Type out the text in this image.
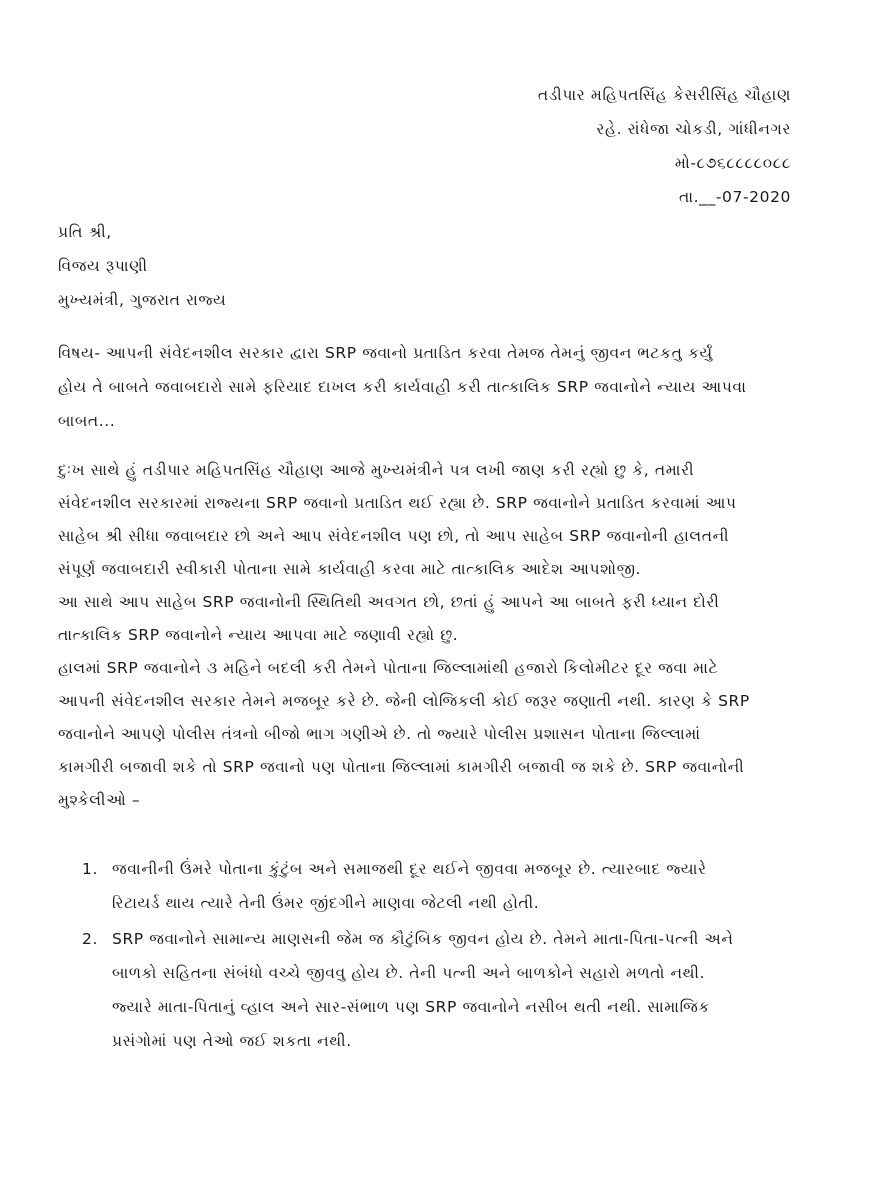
તડીપાર મહિપતસિંહ કેસરીસિંહ ચૌહાણ
રહે. રાંધેજા ચોકડી, ગાંધીનગર
મો-૮૭૬૮૮૮૮૦૮૮
તા.__-07-2020
પ્રતિ શ્રી,
વિજય રૂપાણી
મુખ્યમંત્રી, ગુજરાત રાજ્ય
વિષય- આપની સંવેદનશીલ સરકાર દ્વારા SRP જવાનો પ્રતાડિત કરવા તેમજ તેમનું જીવન ભટકતુ કર્યું
હોય તે બાબતે જવાબદારો સામે ફરિયાદ દાખલ કરી કાર્યવાહી કરી તાત્કાલિક SRP જવાનોને ન્યાય આપવા
બાબત...

દુઃખ સાથે હું તડીપાર મહિપતસિંહ ચૌહાણ આજે મુખ્યમંત્રીને પત્ર લખી જાણ કરી રહ્યો છુ કે, તમારી
સંવેદનશીલ સરકારમાં રાજ્યના SRP જવાનો પ્રતાડિત થઈ રહ્યા છે. SRP જવાનોને પ્રતાડિત કરવામાં આપ
સાહેબ શ્રી સીધા જવાબદાર છો અને આપ સંવેદનશીલ પણ છો, તો આપ સાહેબ SRP જવાનોની હાલતની
સંપૂર્ણ જવાબદારી સ્વીકારી પોતાના સામે કાર્યવાહી કરવા માટે તાત્કાલિક આદેશ આપશોજી.

આ સાથે આપ સાહેબ SRP જવાનોની સ્થિતિથી અવગત છો, છતાં હું આપને આ બાબતે ફરી ધ્યાન દોરી
તાત્કાલિક SRP જવાનોને ન્યાય આપવા માટે જણાવી રહ્યો છુ.

હાલમાં SRP જવાનોને ૩ મહિને બદલી કરી તેમને પોતાના જિલ્લામાંથી હજારો કિલોમીટર દૂર જવા માટે
આપની સંવેદનશીલ સરકાર તેમને મજબૂર કરે છે. જેની લોજિકલી કોઈ જરૂર જણાતી નથી. કારણ કે SRP
જવાનોને આપણે પોલીસ તંત્રનો બીજો ભાગ ગણીએ છે. તો જ્યારે પોલીસ પ્રશાસન પોતાના જિલ્લામાં
કામગીરી બજાવી શકે તો SRP જવાનો પણ પોતાના જિલ્લામાં કામગીરી બજાવી જ શકે છે. SRP જવાનોની
મુશ્કેલીઓ –

1. જવાનીની ઉંમરે પોતાના કુંટુંબ અને સમાજથી દૂર થઈને જીવવા મજબૂર છે. ત્યારબાદ જ્યારે
રિટાયર્ડ થાય ત્યારે તેની ઉંમર જીંદગીને માણવા જેટલી નથી હોતી.
2. SRP જવાનોને સામાન્ય માણસની જેમ જ કૌટુંબિક જીવન હોય છે. તેમને માતા-પિતા-પત્ની અને
બાળકો સહિતના સંબંધો વચ્ચે જીવવુ હોય છે. તેની પત્ની અને બાળકોને સહારો મળતો નથી.
જ્યારે માતા-પિતાનું વ્હાલ અને સાર-સંભાળ પણ SRP જવાનોને નસીબ થતી નથી. સામાજિક
પ્રસંગોમાં પણ તેઓ જઈ શકતા નથી.
